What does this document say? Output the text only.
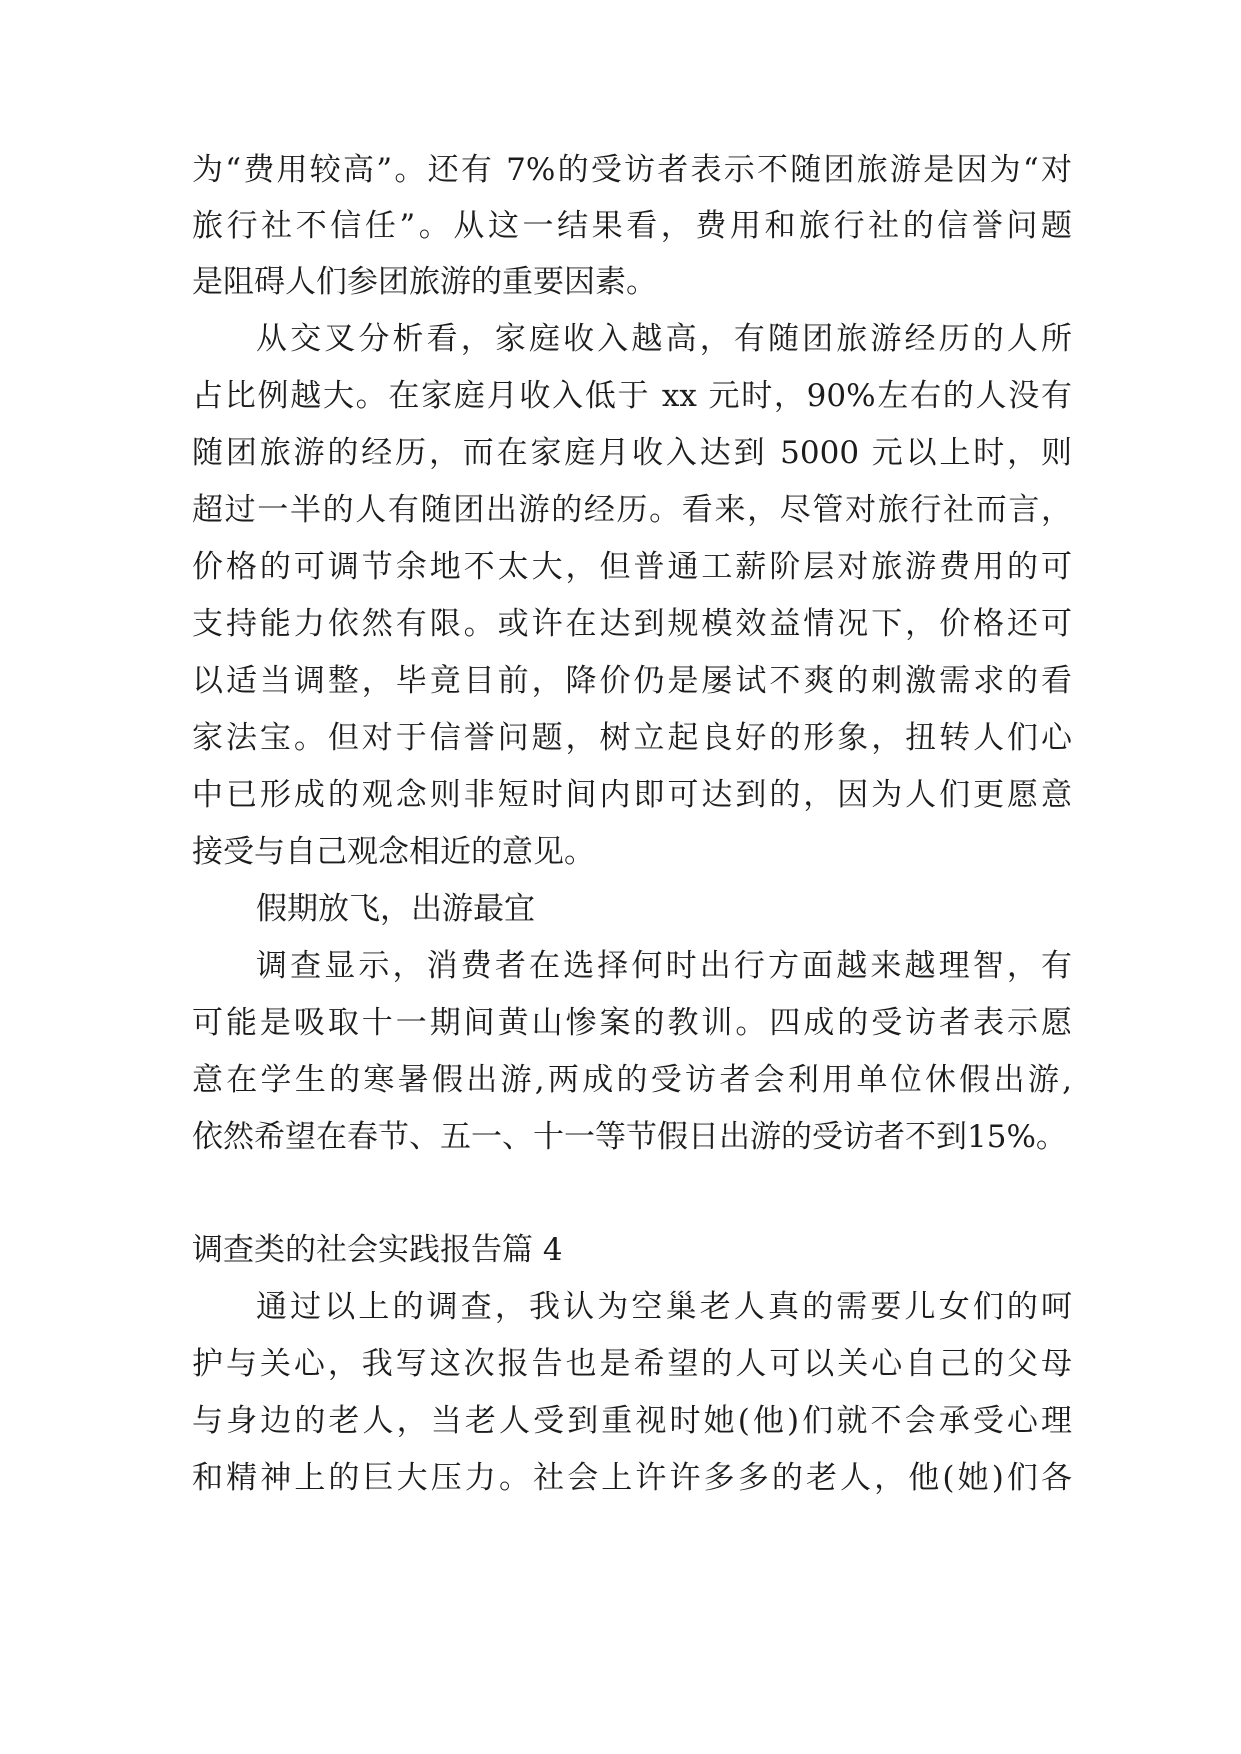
为“费用较高”。还有 7%的受访者表示不随团旅游是因为“对
旅行社不信任”。从这一结果看，费用和旅行社的信誉问题
是阻碍人们参团旅游的重要因素。
从交叉分析看，家庭收入越高，有随团旅游经历的人所
占比例越大。在家庭月收入低于 xx 元时，90%左右的人没有
随团旅游的经历，而在家庭月收入达到 5000 元以上时，则
超过一半的人有随团出游的经历。看来，尽管对旅行社而言，
价格的可调节余地不太大，但普通工薪阶层对旅游费用的可
支持能力依然有限。或许在达到规模效益情况下，价格还可
以适当调整，毕竟目前，降价仍是屡试不爽的刺激需求的看
家法宝。但对于信誉问题，树立起良好的形象，扭转人们心
中已形成的观念则非短时间内即可达到的，因为人们更愿意
接受与自己观念相近的意见。
假期放飞，出游最宜
调查显示，消费者在选择何时出行方面越来越理智，有
可能是吸取十一期间黄山惨案的教训。四成的受访者表示愿
意在学生的寒暑假出游,两成的受访者会利用单位休假出游,
依然希望在春节、五一、十一等节假日出游的受访者不到15%。
调查类的社会实践报告篇 4
通过以上的调查，我认为空巢老人真的需要儿女们的呵
护与关心，我写这次报告也是希望的人可以关心自己的父母
与身边的老人，当老人受到重视时她(他)们就不会承受心理
和精神上的巨大压力。社会上许许多多的老人，他(她)们各
